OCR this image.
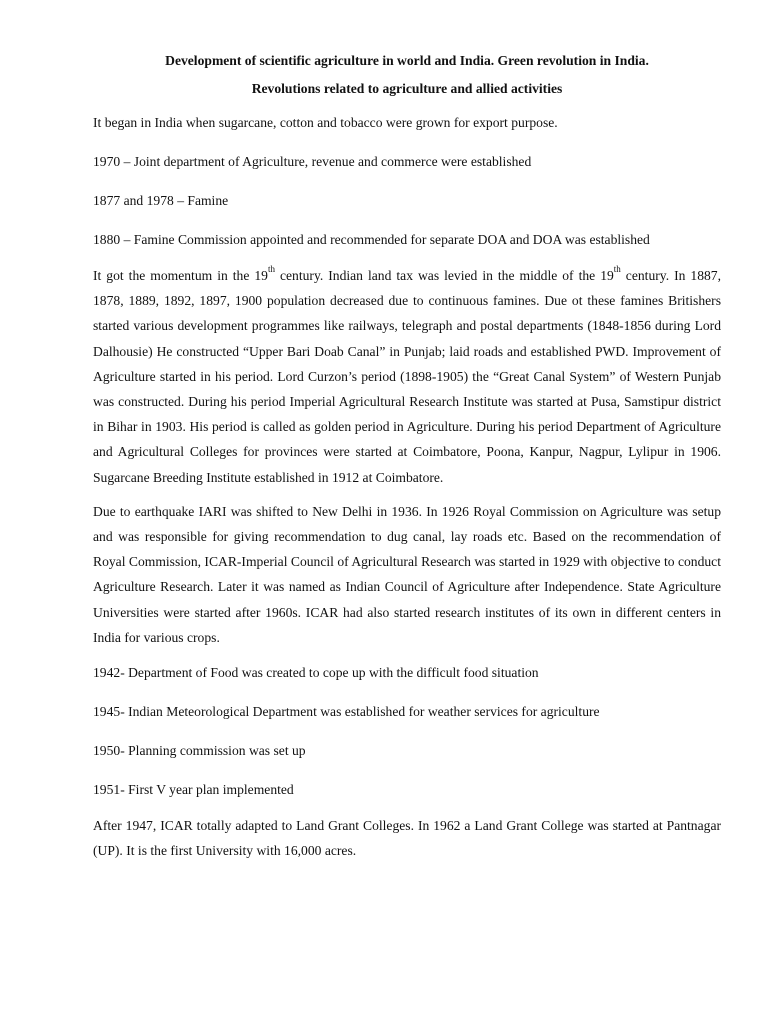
Development of scientific agriculture in world and India. Green revolution in India.

Revolutions related to agriculture and allied activities

It began in India when sugarcane, cotton and tobacco were grown for export purpose.

1970 – Joint department of Agriculture, revenue and commerce were established

1877 and 1978 – Famine

1880 – Famine Commission appointed and recommended for separate DOA and DOA was established

It got the momentum in the 19th century. Indian land tax was levied in the middle of the 19th century. In 1887, 1878, 1889, 1892, 1897, 1900 population decreased due to continuous famines. Due ot these famines Britishers started various development programmes like railways, telegraph and postal departments (1848-1856 during Lord Dalhousie) He constructed “Upper Bari Doab Canal” in Punjab; laid roads and established PWD. Improvement of Agriculture started in his period. Lord Curzon’s period (1898-1905) the “Great Canal System” of Western Punjab was constructed. During his period Imperial Agricultural Research Institute was started at Pusa, Samstipur district in Bihar in 1903. His period is called as golden period in Agriculture. During his period Department of Agriculture and Agricultural Colleges for provinces were started at Coimbatore, Poona, Kanpur, Nagpur, Lylipur in 1906. Sugarcane Breeding Institute established in 1912 at Coimbatore.

Due to earthquake IARI was shifted to New Delhi in 1936. In 1926 Royal Commission on Agriculture was setup and was responsible for giving recommendation to dug canal, lay roads etc. Based on the recommendation of Royal Commission, ICAR-Imperial Council of Agricultural Research was started in 1929 with objective to conduct Agriculture Research. Later it was named as Indian Council of Agriculture after Independence. State Agriculture Universities were started after 1960s. ICAR had also started research institutes of its own in different centers in India for various crops.

1942- Department of Food was created to cope up with the difficult food situation

1945- Indian Meteorological Department was established for weather services for agriculture

1950- Planning commission was set up

1951- First V year plan implemented

After 1947, ICAR totally adapted to Land Grant Colleges. In 1962 a Land Grant College was started at Pantnagar (UP). It is the first University with 16,000 acres.
